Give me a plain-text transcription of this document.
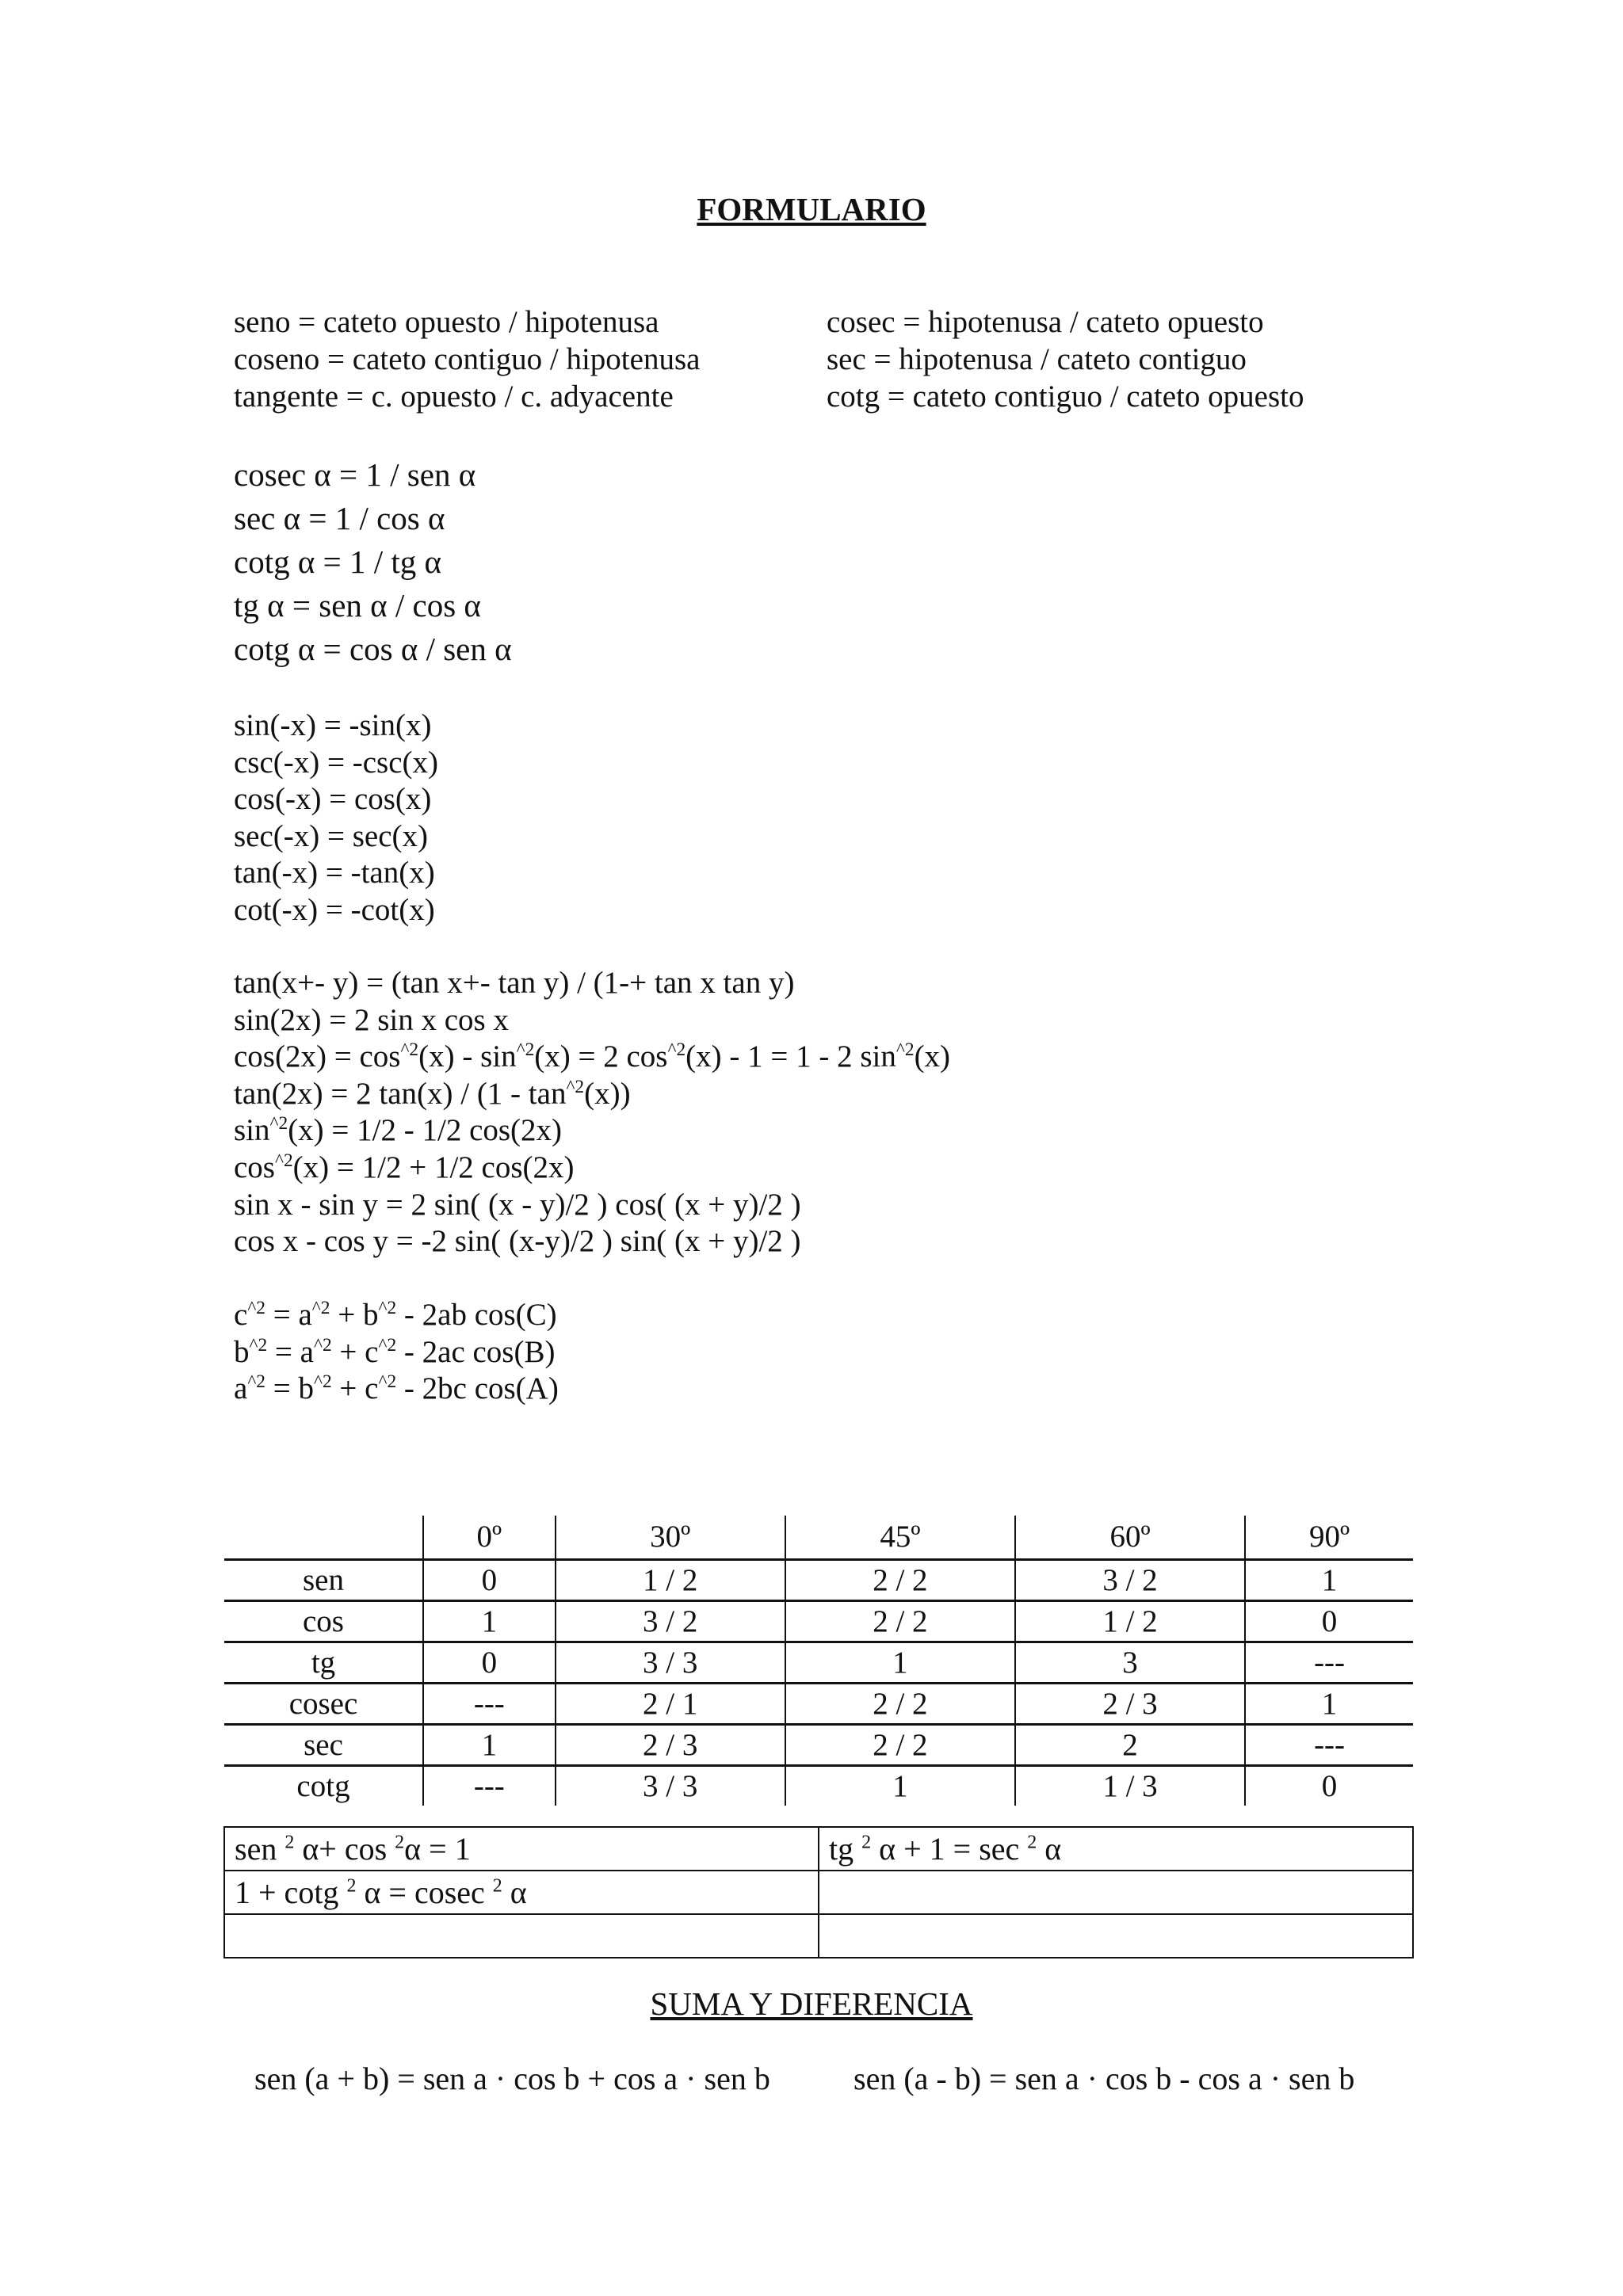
FORMULARIO
seno = cateto opuesto / hipotenusa
coseno = cateto contiguo / hipotenusa
tangente = c. opuesto / c. adyacente
cosec = hipotenusa / cateto opuesto
sec = hipotenusa / cateto contiguo
cotg = cateto contiguo / cateto opuesto
cosec α = 1 / sen α
sec α = 1 / cos α
cotg α = 1 / tg α
tg α = sen α / cos α
cotg α = cos α / sen α
sin(-x) = -sin(x)
csc(-x) = -csc(x)
cos(-x) = cos(x)
sec(-x) = sec(x)
tan(-x) = -tan(x)
cot(-x) = -cot(x)
tan(x+- y) = (tan x+- tan y) / (1-+ tan x tan y)
sin(2x) = 2 sin x cos x
$\cos(2x) = \cos^{\^{}2}(x) - \sin^{\^{}2}(x) = 2$ $\cos^{\^{}2}(x) - 1 = 1 - 2$ $\sin^{\^{}2}(x)$
tan(2x) = 2 $\tan(x) / (1 - \tan^{\^{}2}(x))$
$\sin^{\^{}2}(x) = 1/2 - 1/2$ cos(2x)
$\cos^{\^{}2}(x) = 1/2 + 1/2$ cos(2x)
sin x - sin y = 2 sin( (x - y)/2 ) cos( (x + y)/2 )
cos x - cos y = -2 sin( (x-y)/2 ) sin( (x + y)/2 )
$c^{\^{}2} = a^{\^{}2} + b^{\^{}2} - 2ab$ cos(C)
$b^{\^{}2} = a^{\^{}2} + c^{\^{}2} - 2ac$ cos(B)
$a^{\^{}2} = b^{\^{}2} + c^{\^{}2} - 2bc$ cos(A)
	0º	30º	45º	60º	90º
sen	0	1 / 2	2 / 2	3 / 2	1
cos	1	3 / 2	2 / 2	1 / 2	0
tg	0	3 / 3	1	3	---
cosec	---	2 / 1	2 / 2	2 / 3	1
sec	1	2 / 3	2 / 2	2	---
cotg	---	3 / 3	1	1 / 3	0
sen $^2$ α+ cos $^2$α = 1	tg $^2$ α + 1 = sec $^2$ α
1 + cotg $^2$ α = cosec $^2$ α	

SUMA Y DIFERENCIA
sen (a + b) = sen a · cos b + cos a · sen b	sen (a - b) = sen a · cos b - cos a · sen b
